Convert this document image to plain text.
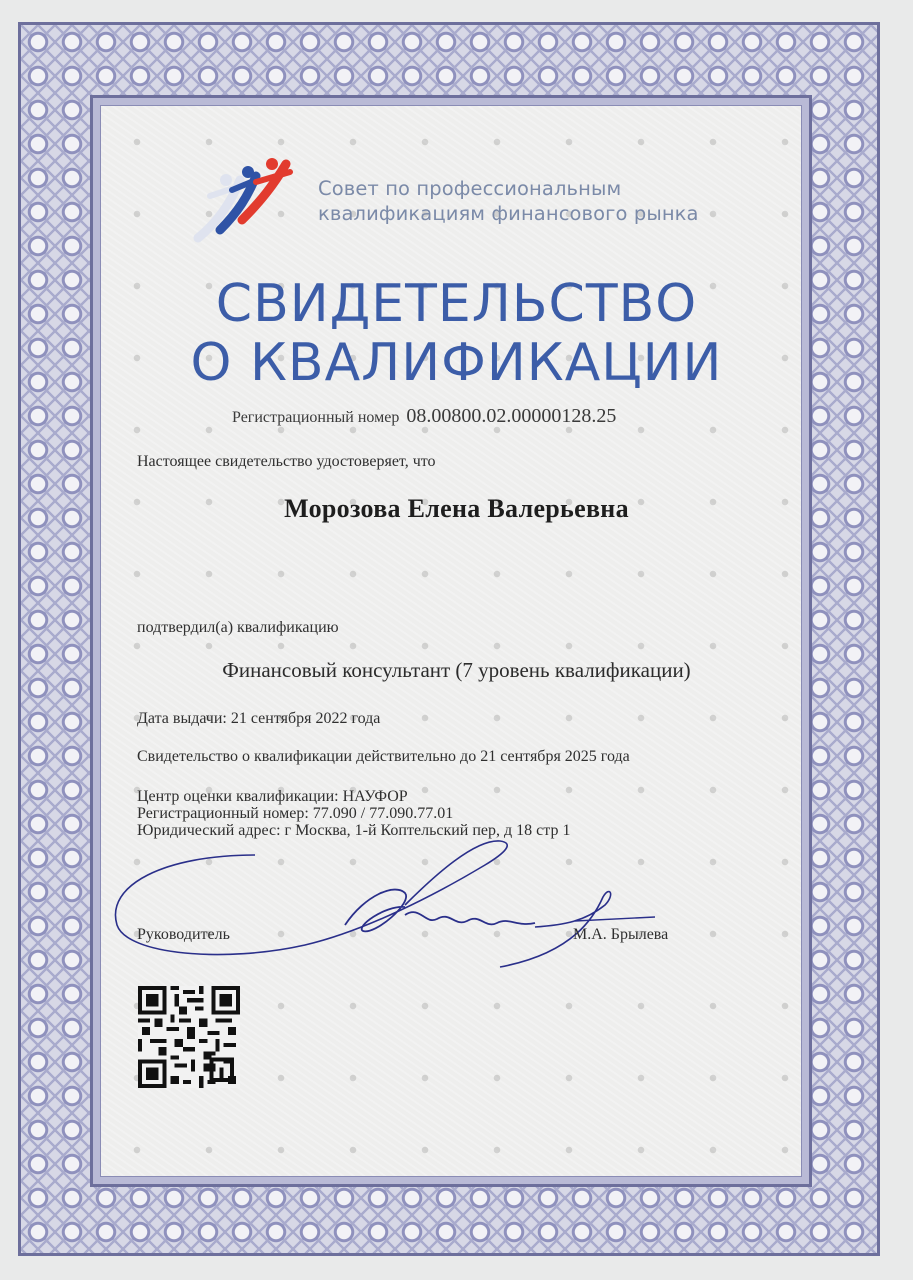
Совет по профессиональным
квалификациям финансового рынка
СВИДЕТЕЛЬСТВО
О КВАЛИФИКАЦИИ
Регистрационный номер 08.00800.02.00000128.25
Настоящее свидетельство удостоверяет, что
Морозова Елена Валерьевна
подтвердил(а) квалификацию
Финансовый консультант (7 уровень квалификации)
Дата выдачи: 21 сентября 2022 года
Свидетельство о квалификации действительно до 21 сентября 2025 года
Центр оценки квалификации: НАУФОР
Регистрационный номер: 77.090 / 77.090.77.01
Юридический адрес: г Москва, 1-й Коптельский пер, д 18 стр 1
Руководитель	М.А. Брылева
